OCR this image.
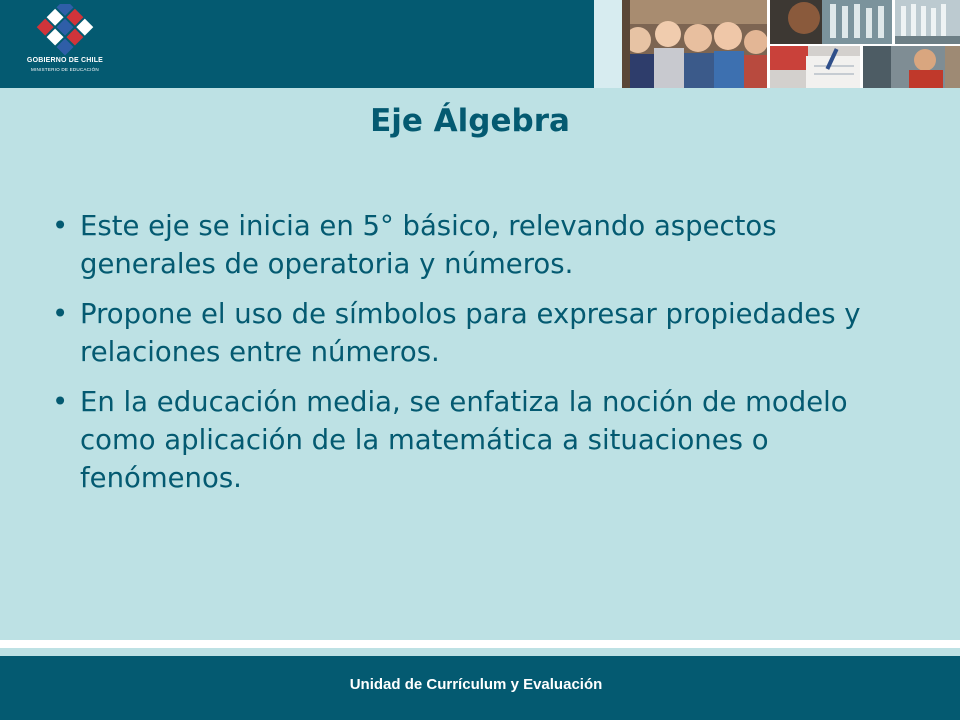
GOBIERNO DE CHILE
MINISTERIO DE EDUCACIÓN
Eje Álgebra
• Este eje se inicia en 5° básico, relevando aspectos generales de operatoria y números.
• Propone el uso de símbolos para expresar propiedades y relaciones entre números.
• En la educación media, se enfatiza la noción de modelo como aplicación de la matemática a situaciones o fenómenos.
Unidad de Currículum y Evaluación
